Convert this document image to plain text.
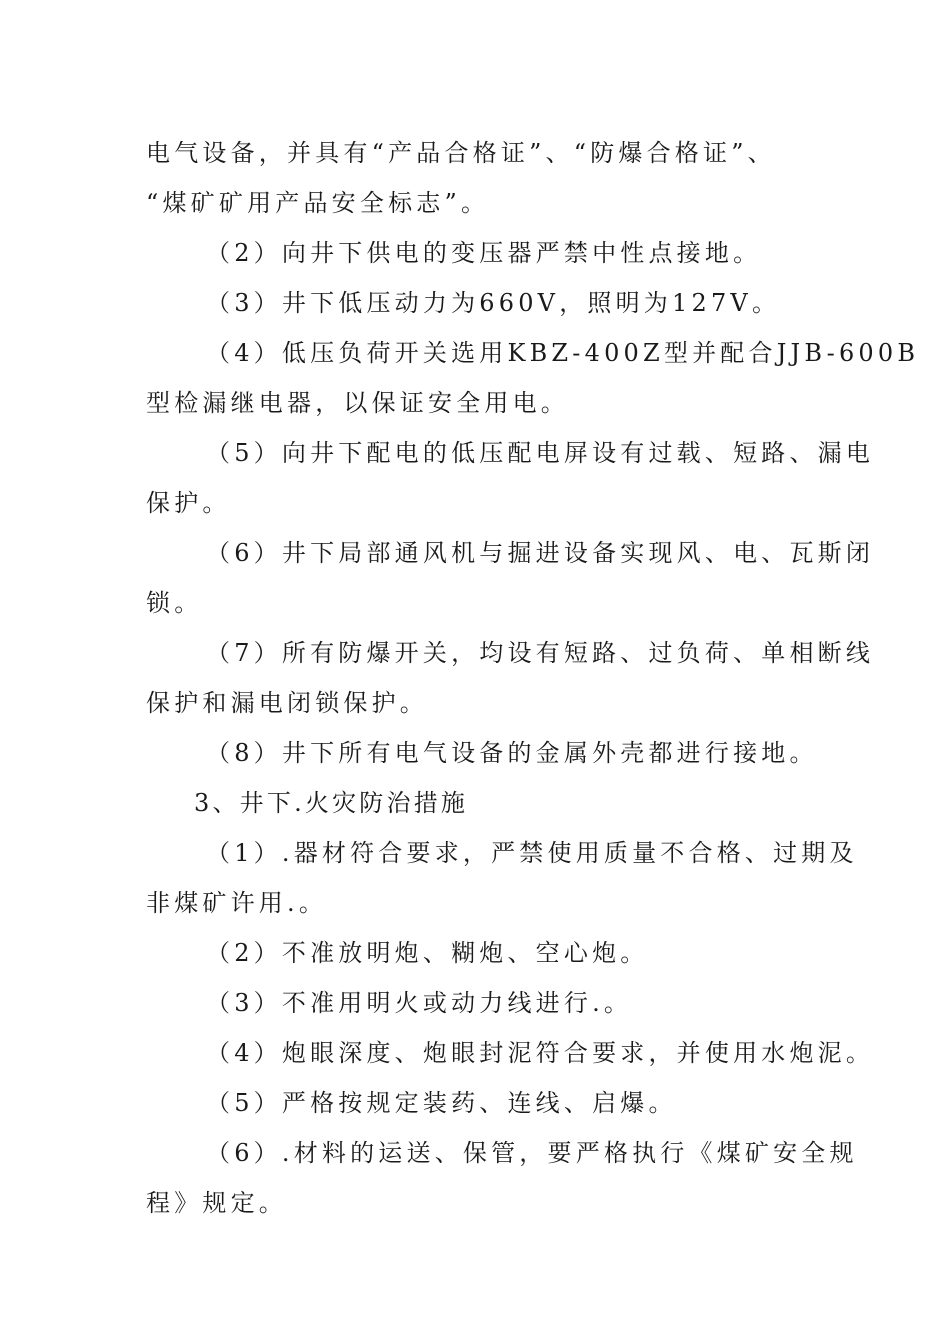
电气设备，并具有“产品合格证”、“防爆合格证”、
“煤矿矿用产品安全标志”。
（2）向井下供电的变压器严禁中性点接地。
（3）井下低压动力为660V，照明为127V。
（4）低压负荷开关选用KBZ-400Z型并配合JJB-600B
型检漏继电器，以保证安全用电。
（5）向井下配电的低压配电屏设有过载、短路、漏电
保护。
（6）井下局部通风机与掘进设备实现风、电、瓦斯闭
锁。
（7）所有防爆开关，均设有短路、过负荷、单相断线
保护和漏电闭锁保护。
（8）井下所有电气设备的金属外壳都进行接地。
3、井下.火灾防治措施
（1）.器材符合要求，严禁使用质量不合格、过期及
非煤矿许用.。
（2）不准放明炮、糊炮、空心炮。
（3）不准用明火或动力线进行.。
（4）炮眼深度、炮眼封泥符合要求，并使用水炮泥。
（5）严格按规定装药、连线、启爆。
（6）.材料的运送、保管，要严格执行《煤矿安全规
程》规定。
